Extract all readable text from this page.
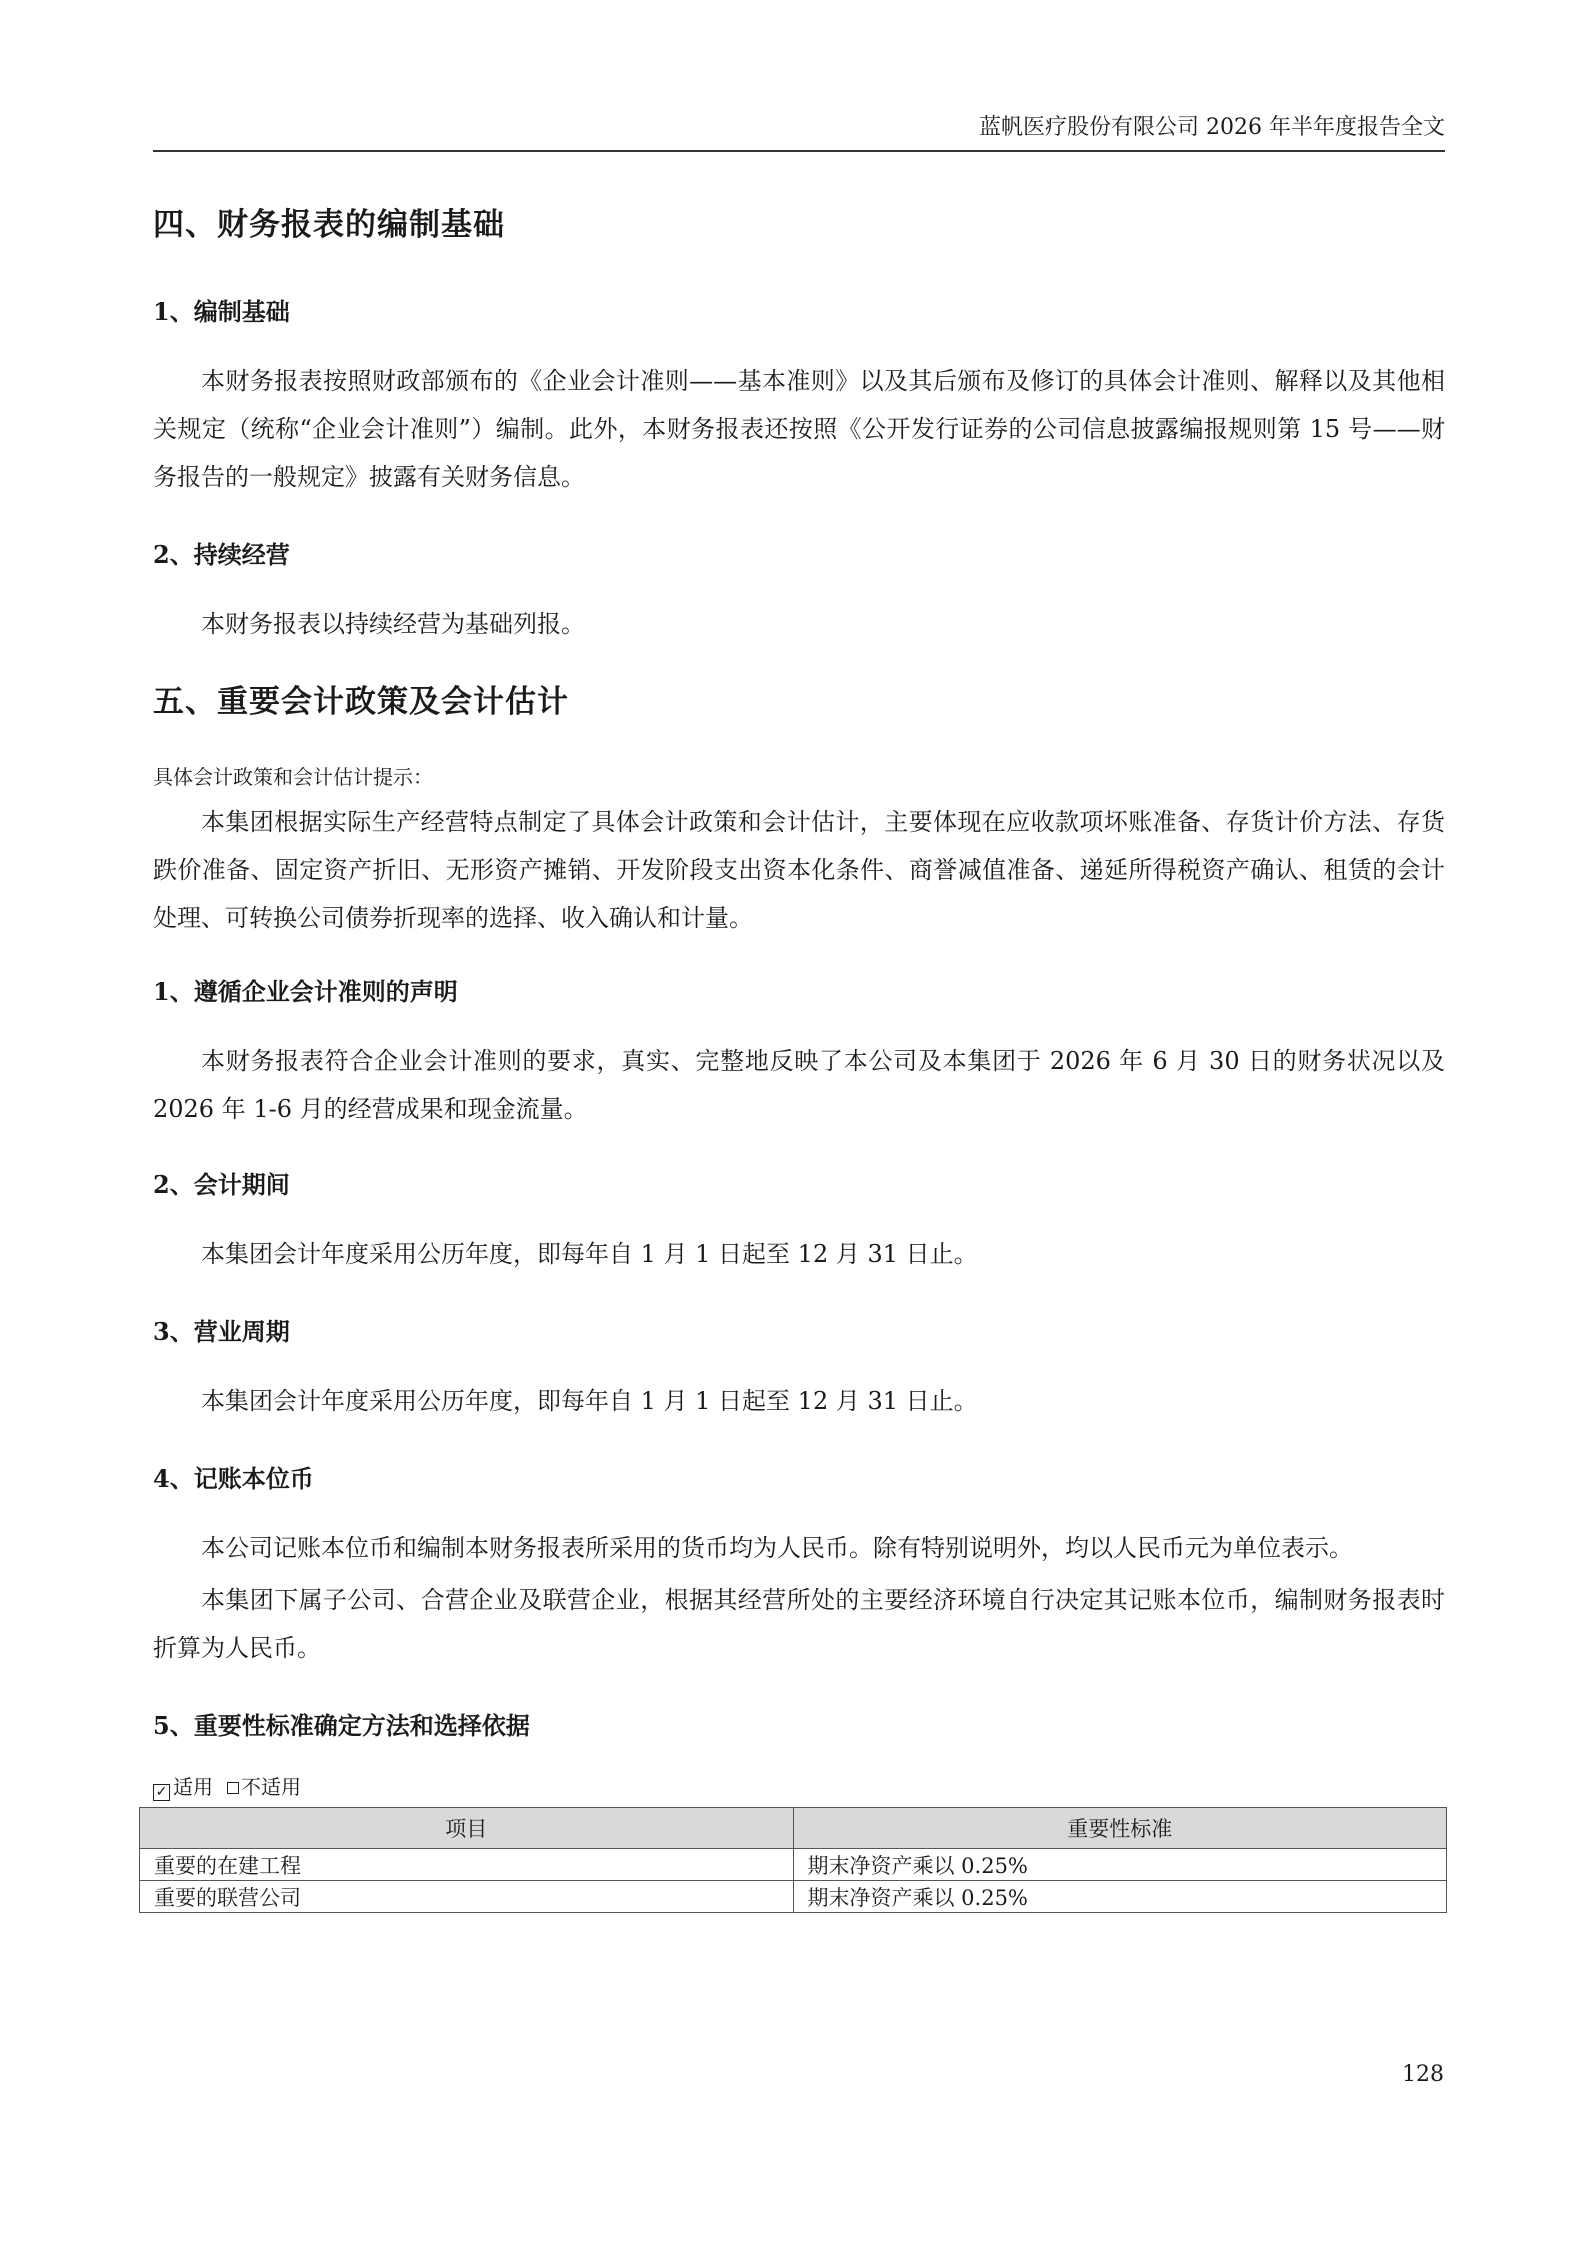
蓝帆医疗股份有限公司 2026 年半年度报告全文
四、财务报表的编制基础
1、编制基础

本财务报表按照财政部颁布的《企业会计准则——基本准则》以及其后颁布及修订的具体会计准则、解释以及其他相关规定（统称“企业会计准则”）编制。此外，本财务报表还按照《公开发行证券的公司信息披露编报规则第 15 号——财务报告的一般规定》披露有关财务信息。

2、持续经营

本财务报表以持续经营为基础列报。

五、重要会计政策及会计估计

具体会计政策和会计估计提示：

本集团根据实际生产经营特点制定了具体会计政策和会计估计，主要体现在应收款项坏账准备、存货计价方法、存货跌价准备、固定资产折旧、无形资产摊销、开发阶段支出资本化条件、商誉减值准备、递延所得税资产确认、租赁的会计处理、可转换公司债券折现率的选择、收入确认和计量。

1、遵循企业会计准则的声明

本财务报表符合企业会计准则的要求，真实、完整地反映了本公司及本集团于 2026 年 6 月 30 日的财务状况以及 2026 年 1-6 月的经营成果和现金流量。

2、会计期间

本集团会计年度采用公历年度，即每年自 1 月 1 日起至 12 月 31 日止。

3、营业周期

本集团会计年度采用公历年度，即每年自 1 月 1 日起至 12 月 31 日止。

4、记账本位币

本公司记账本位币和编制本财务报表所采用的货币均为人民币。除有特别说明外，均以人民币元为单位表示。

本集团下属子公司、合营企业及联营企业，根据其经营所处的主要经济环境自行决定其记账本位币，编制财务报表时折算为人民币。

5、重要性标准确定方法和选择依据

✓ 适用 不适用

项目	重要性标准
重要的在建工程	期末净资产乘以 0.25%
重要的联营公司	期末净资产乘以 0.25%
128
